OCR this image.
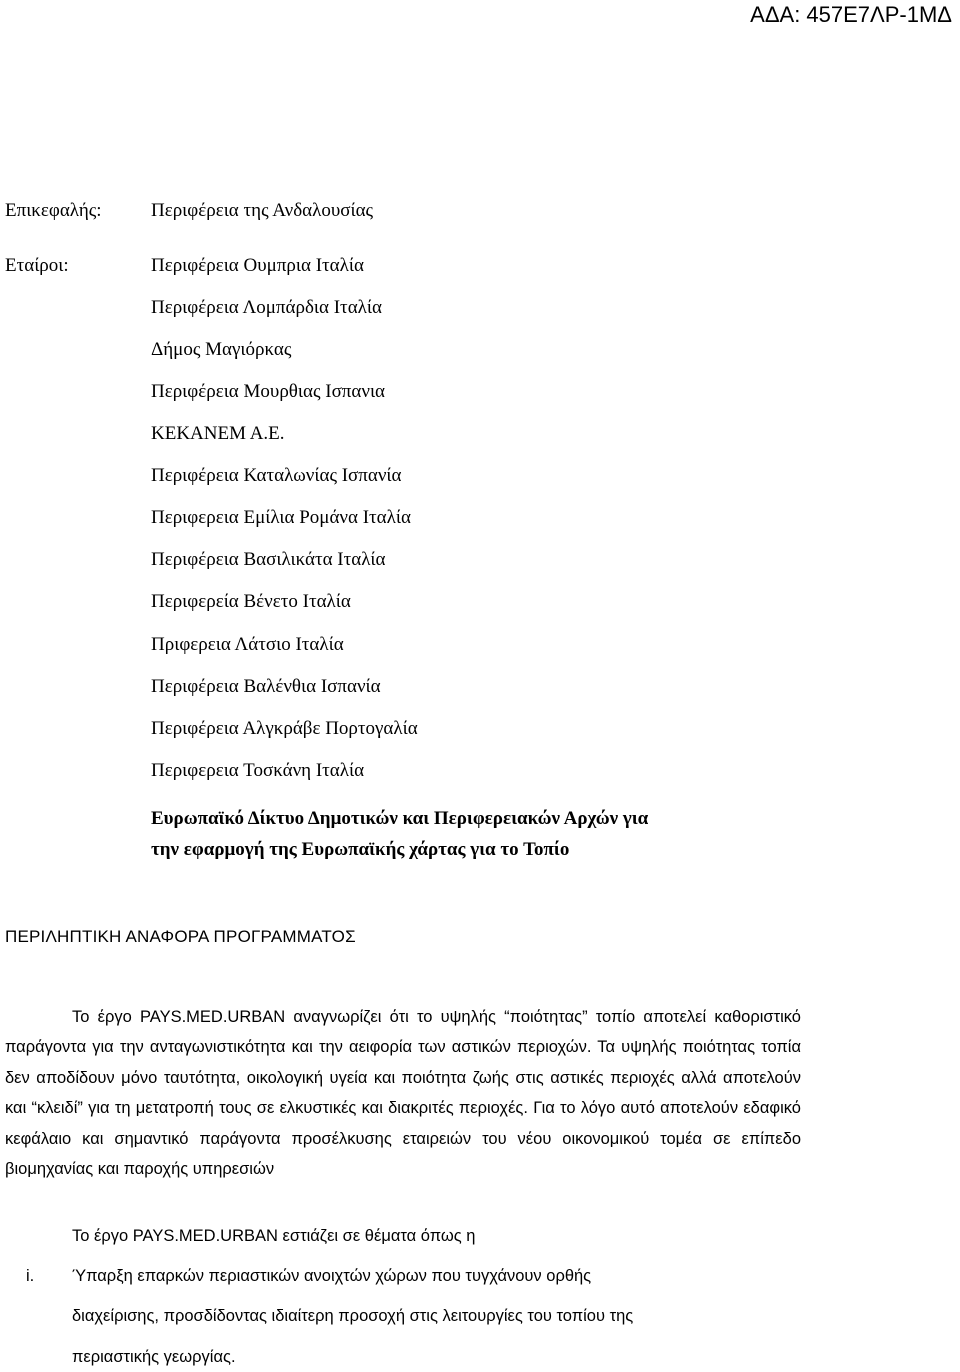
ΑΔΑ: 457Ε7ΛΡ-1ΜΔ
Επικεφαλής:	Περιφέρεια της Ανδαλουσίας
Εταίροι:	Περιφέρεια Ουμπρια Ιταλία
Περιφέρεια Λομπάρδια Ιταλία
Δήμος Μαγιόρκας
Περιφέρεια Μουρθιας Ισπανια
ΚΕΚΑΝΕΜ Α.Ε.
Περιφέρεια Καταλωνίας Ισπανία
Περιφερεια Εμίλια Ρομάνα Ιταλία
Περιφέρεια Βασιλικάτα Ιταλία
Περιφερεία Βένετο Ιταλία
Πριφερεια Λάτσιο Ιταλία
Περιφέρεια Βαλένθια Ισπανία
Περιφέρεια Αλγκράβε Πορτογαλία
Περιφερεια Τοσκάνη Ιταλία
Ευρωπαϊκό Δίκτυο Δημοτικών και Περιφερειακών Αρχών για
την εφαρμογή της Ευρωπαϊκής χάρτας για το Τοπίο
ΠΕΡΙΛΗΠΤΙΚΗ ΑΝΑΦΟΡΑ ΠΡΟΓΡΑΜΜΑΤΟΣ
Το έργο PAYS.MED.URBAN αναγνωρίζει ότι το υψηλής “ποιότητας” τοπίο αποτελεί καθοριστικό παράγοντα για την ανταγωνιστικότητα και την αειφορία των αστικών περιοχών. Τα υψηλής ποιότητας τοπία δεν αποδίδουν μόνο ταυτότητα, οικολογική υγεία και ποιότητα ζωής στις αστικές περιοχές αλλά αποτελούν και “κλειδί” για τη μετατροπή τους σε ελκυστικές και διακριτές περιοχές. Για το λόγο αυτό αποτελούν εδαφικό κεφάλαιο και σημαντικό παράγοντα προσέλκυσης εταιρειών του νέου οικονομικού τομέα σε επίπεδο βιομηχανίας και παροχής υπηρεσιών
Το έργο PAYS.MED.URBAN εστιάζει σε θέματα όπως η
i. Ύπαρξη επαρκών περιαστικών ανοιχτών χώρων που τυγχάνουν ορθής
διαχείρισης, προσδίδοντας ιδιαίτερη προσοχή στις λειτουργίες του τοπίου της
περιαστικής γεωργίας.
